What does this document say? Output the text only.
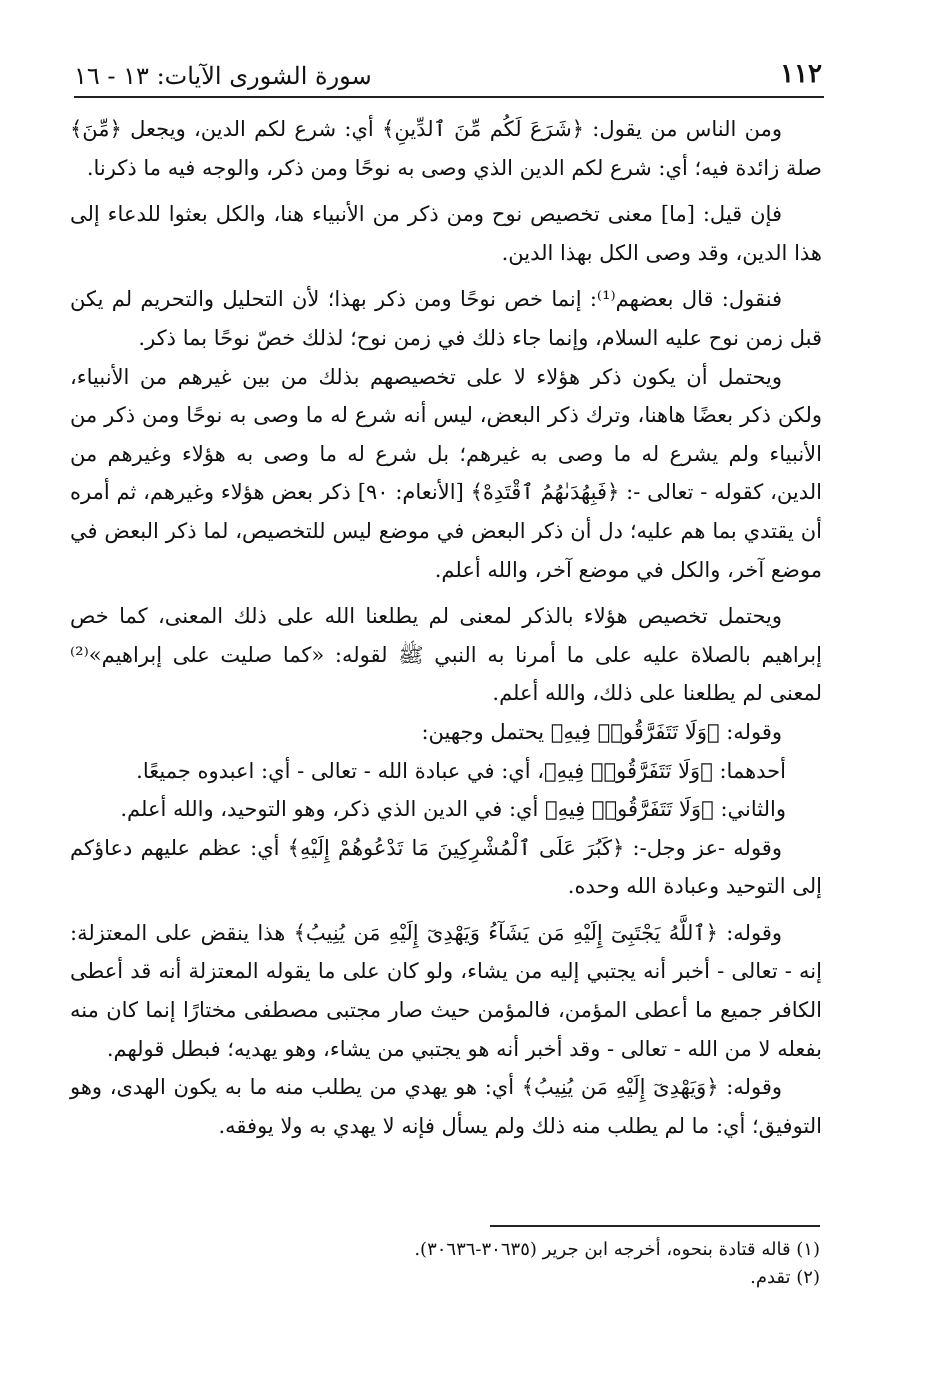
١١٢
سورة الشورى الآيات: ١٣ - ١٦

ومن الناس من يقول: ﴿شَرَعَ لَكُم مِّنَ ٱلدِّينِ﴾ أي: شرع لكم الدين، ويجعل ﴿مِّنَ﴾ صلة زائدة فيه؛ أي: شرع لكم الدين الذي وصى به نوحًا ومن ذكر، والوجه فيه ما ذكرنا.

فإن قيل: [ما] معنى تخصيص نوح ومن ذكر من الأنبياء هنا، والكل بعثوا للدعاء إلى هذا الدين، وقد وصى الكل بهذا الدين.

فنقول: قال بعضهم⁽¹⁾: إنما خص نوحًا ومن ذكر بهذا؛ لأن التحليل والتحريم لم يكن قبل زمن نوح عليه السلام، وإنما جاء ذلك في زمن نوح؛ لذلك خصّ نوحًا بما ذكر.

ويحتمل أن يكون ذكر هؤلاء لا على تخصيصهم بذلك من بين غيرهم من الأنبياء، ولكن ذكر بعضًا هاهنا، وترك ذكر البعض، ليس أنه شرع له ما وصى به نوحًا ومن ذكر من الأنبياء ولم يشرع له ما وصى به غيرهم؛ بل شرع له ما وصى به هؤلاء وغيرهم من الدين، كقوله - تعالى -: ﴿فَبِهُدَىٰهُمُ ٱقْتَدِهْ﴾ [الأنعام: ٩٠] ذكر بعض هؤلاء وغيرهم، ثم أمره أن يقتدي بما هم عليه؛ دل أن ذكر البعض في موضع ليس للتخصيص، لما ذكر البعض في موضع آخر، والكل في موضع آخر، والله أعلم.

ويحتمل تخصيص هؤلاء بالذكر لمعنى لم يطلعنا الله على ذلك المعنى، كما خص إبراهيم بالصلاة عليه على ما أمرنا به النبي ﷺ لقوله: «كما صليت على إبراهيم»⁽²⁾ لمعنى لم يطلعنا على ذلك، والله أعلم.

وقوله: ﴿وَلَا تَتَفَرَّقُوا۟ فِيهِ﴾ يحتمل وجهين:

أحدهما: ﴿وَلَا تَتَفَرَّقُوا۟ فِيهِ﴾، أي: في عبادة الله - تعالى - أي: اعبدوه جميعًا.

والثاني: ﴿وَلَا تَتَفَرَّقُوا۟ فِيهِ﴾ أي: في الدين الذي ذكر، وهو التوحيد، والله أعلم.

وقوله -عز وجل-: ﴿كَبُرَ عَلَى ٱلْمُشْرِكِينَ مَا تَدْعُوهُمْ إِلَيْهِ﴾ أي: عظم عليهم دعاؤكم إلى التوحيد وعبادة الله وحده.

وقوله: ﴿ٱللَّهُ يَجْتَبِىٓ إِلَيْهِ مَن يَشَآءُ وَيَهْدِىٓ إِلَيْهِ مَن يُنِيبُ﴾ هذا ينقض على المعتزلة: إنه - تعالى - أخبر أنه يجتبي إليه من يشاء، ولو كان على ما يقوله المعتزلة أنه قد أعطى الكافر جميع ما أعطى المؤمن، فالمؤمن حيث صار مجتبى مصطفى مختارًا إنما كان منه بفعله لا من الله - تعالى - وقد أخبر أنه هو يجتبي من يشاء، وهو يهديه؛ فبطل قولهم.

وقوله: ﴿وَيَهْدِىٓ إِلَيْهِ مَن يُنِيبُ﴾ أي: هو يهدي من يطلب منه ما به يكون الهدى، وهو التوفيق؛ أي: ما لم يطلب منه ذلك ولم يسأل فإنه لا يهدي به ولا يوفقه.

(١) قاله قتادة بنحوه، أخرجه ابن جرير (٣٠٦٣٥-٣٠٦٣٦).

(٢) تقدم.
